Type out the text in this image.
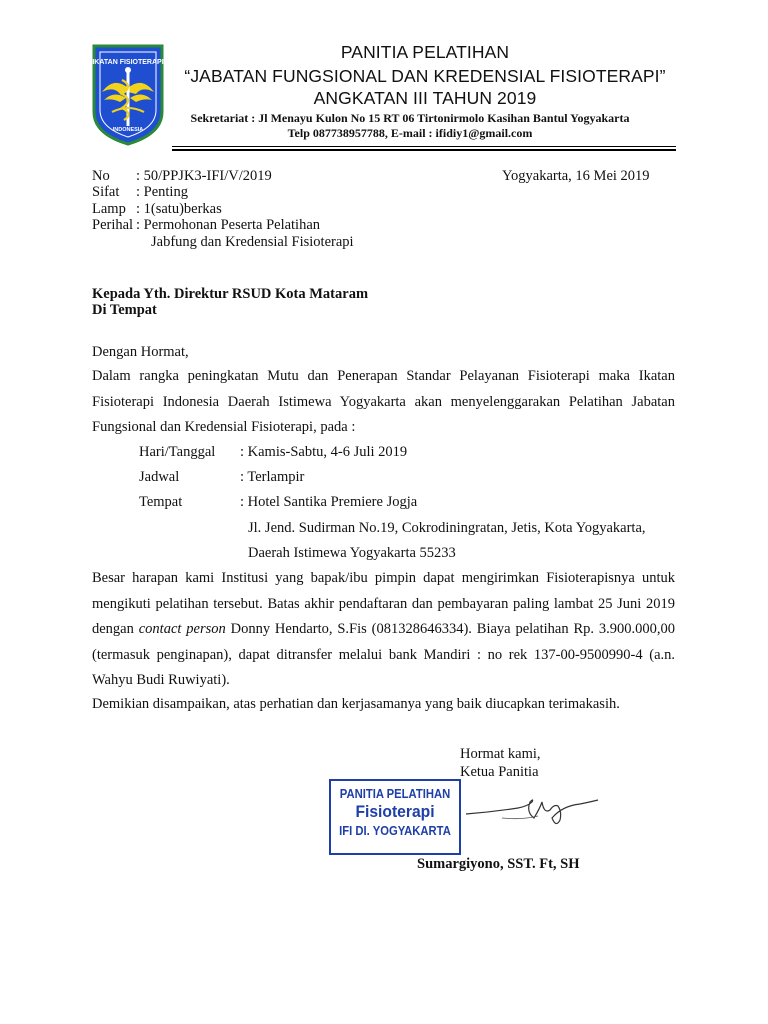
IKATAN FISIOTERAPI
INDONESIA
PANITIA PELATIHAN
“JABATAN FUNGSIONAL DAN KREDENSIAL FISIOTERAPI”
ANGKATAN III TAHUN 2019
Sekretariat : Jl Menayu Kulon No 15 RT 06 Tirtonirmolo Kasihan Bantul Yogyakarta
Telp 087738957788, E-mail : ifidiy1@gmail.com
No : 50/PPJK3-IFI/V/2019	Yogyakarta, 16 Mei 2019
Sifat : Penting
Lamp : 1(satu)berkas
Perihal : Permohonan Peserta Pelatihan
Jabfung dan Kredensial Fisioterapi
Kepada Yth. Direktur RSUD Kota Mataram
Di Tempat
Dengan Hormat,
Dalam rangka peningkatan Mutu dan Penerapan Standar Pelayanan Fisioterapi maka Ikatan Fisioterapi Indonesia Daerah Istimewa Yogyakarta akan menyelenggarakan Pelatihan Jabatan Fungsional dan Kredensial Fisioterapi, pada :
Hari/Tanggal : Kamis-Sabtu, 4-6 Juli 2019
Jadwal	: Terlampir
Tempat	: Hotel Santika Premiere Jogja
Jl. Jend. Sudirman No.19, Cokrodiningratan, Jetis, Kota Yogyakarta,
Daerah Istimewa Yogyakarta 55233
Besar harapan kami Institusi yang bapak/ibu pimpin dapat mengirimkan Fisioterapisnya untuk mengikuti pelatihan tersebut. Batas akhir pendaftaran dan pembayaran paling lambat 25 Juni 2019 dengan contact person Donny Hendarto, S.Fis (081328646334). Biaya pelatihan Rp. 3.900.000,00 (termasuk penginapan), dapat ditransfer melalui bank Mandiri : no rek 137-00-9500990-4 (a.n. Wahyu Budi Ruwiyati).
Demikian disampaikan, atas perhatian dan kerjasamanya yang baik diucapkan terimakasih.
Hormat kami,
Ketua Panitia
PANITIA PELATIHAN
Fisioterapi
IFI DI. YOGYAKARTA
Sumargiyono, SST. Ft, SH
